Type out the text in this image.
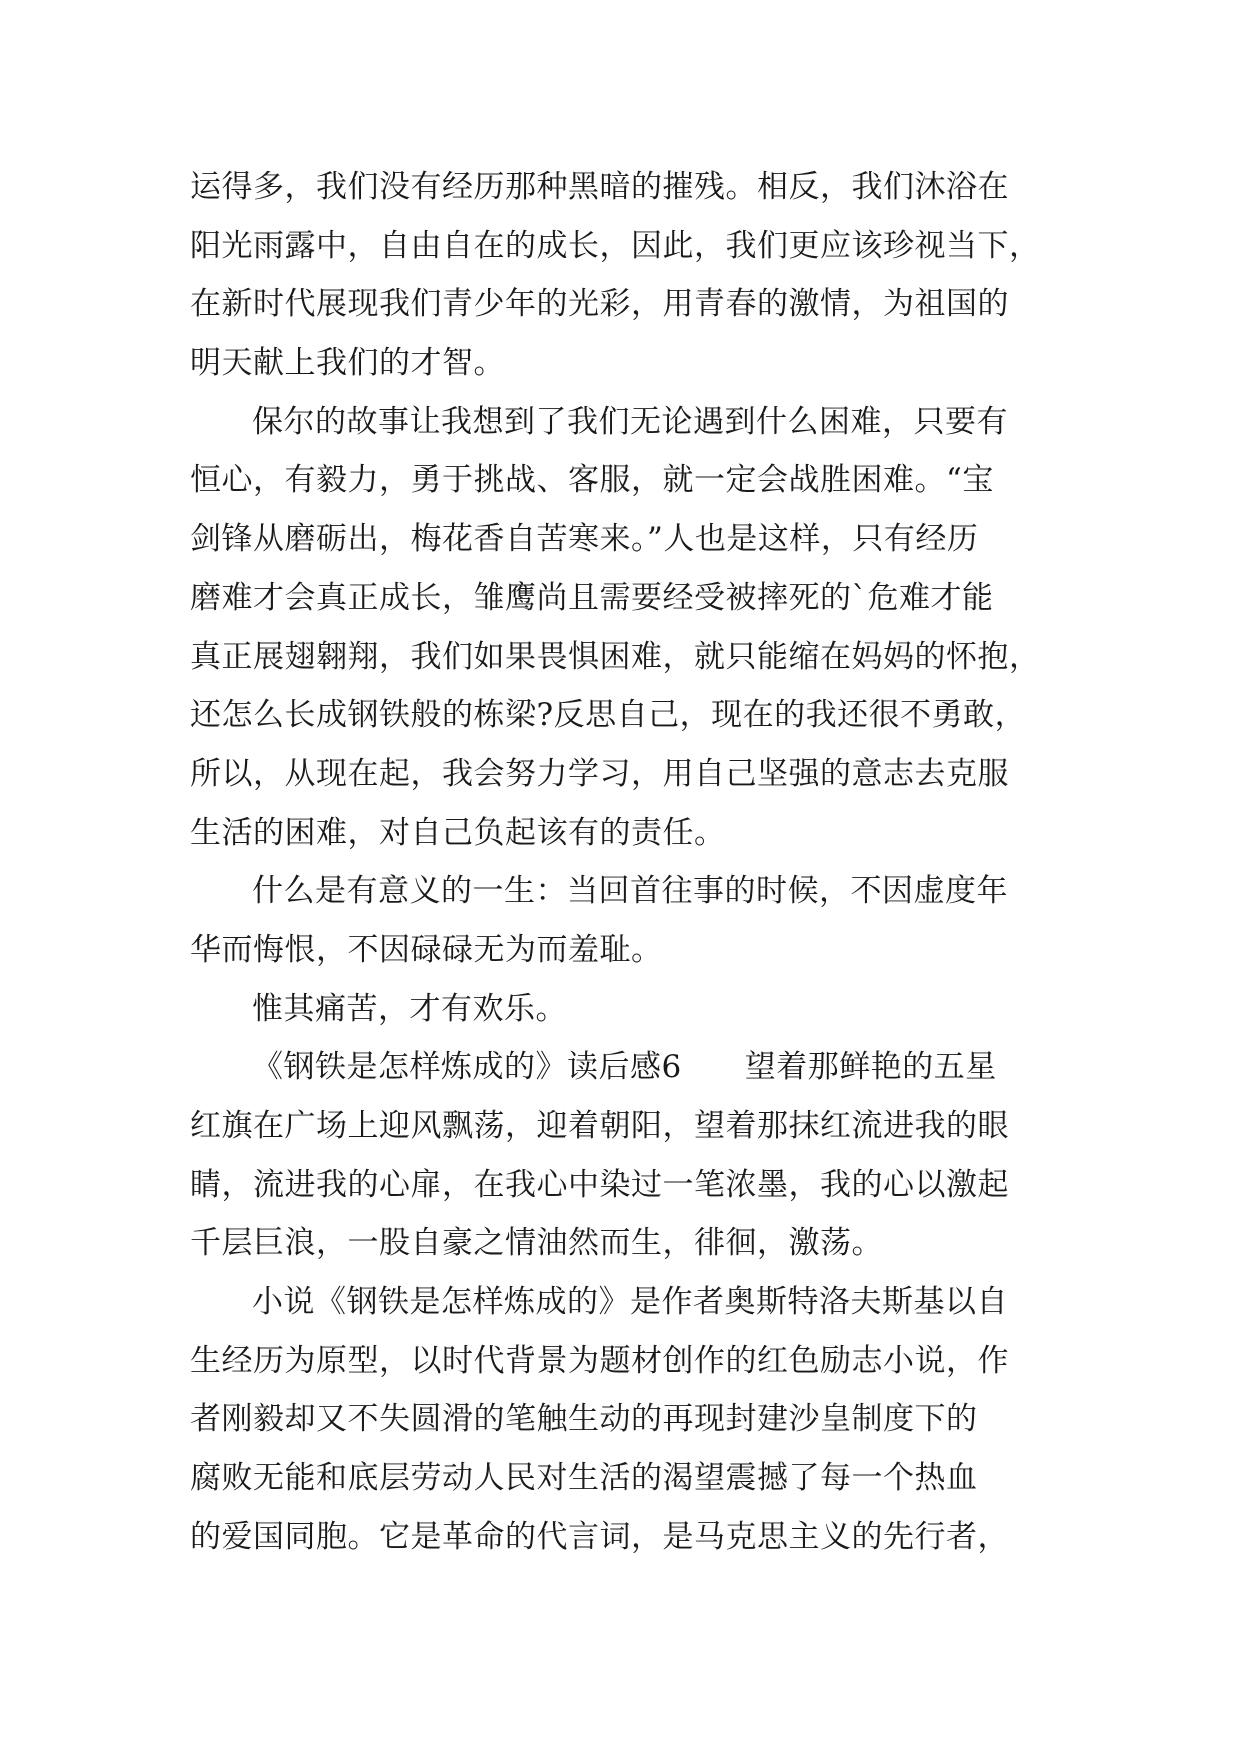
运得多，我们没有经历那种黑暗的摧残。相反，我们沐浴在
阳光雨露中，自由自在的成长，因此，我们更应该珍视当下，
在新时代展现我们青少年的光彩，用青春的激情，为祖国的
明天献上我们的才智。
保尔的故事让我想到了我们无论遇到什么困难，只要有
恒心，有毅力，勇于挑战、客服，就一定会战胜困难。“宝
剑锋从磨砺出，梅花香自苦寒来。”人也是这样，只有经历
磨难才会真正成长，雏鹰尚且需要经受被摔死的`危难才能
真正展翅翱翔，我们如果畏惧困难，就只能缩在妈妈的怀抱，
还怎么长成钢铁般的栋梁?反思自己，现在的我还很不勇敢，
所以，从现在起，我会努力学习，用自己坚强的意志去克服
生活的困难，对自己负起该有的责任。
什么是有意义的一生：当回首往事的时候，不因虚度年
华而悔恨，不因碌碌无为而羞耻。
惟其痛苦，才有欢乐。
《钢铁是怎样炼成的》读后感6　　望着那鲜艳的五星
红旗在广场上迎风飘荡，迎着朝阳，望着那抹红流进我的眼
睛，流进我的心扉，在我心中染过一笔浓墨，我的心以激起
千层巨浪，一股自豪之情油然而生，徘徊，激荡。
小说《钢铁是怎样炼成的》是作者奥斯特洛夫斯基以自
生经历为原型，以时代背景为题材创作的红色励志小说，作
者刚毅却又不失圆滑的笔触生动的再现封建沙皇制度下的
腐败无能和底层劳动人民对生活的渴望震撼了每一个热血
的爱国同胞。它是革命的代言词，是马克思主义的先行者，
